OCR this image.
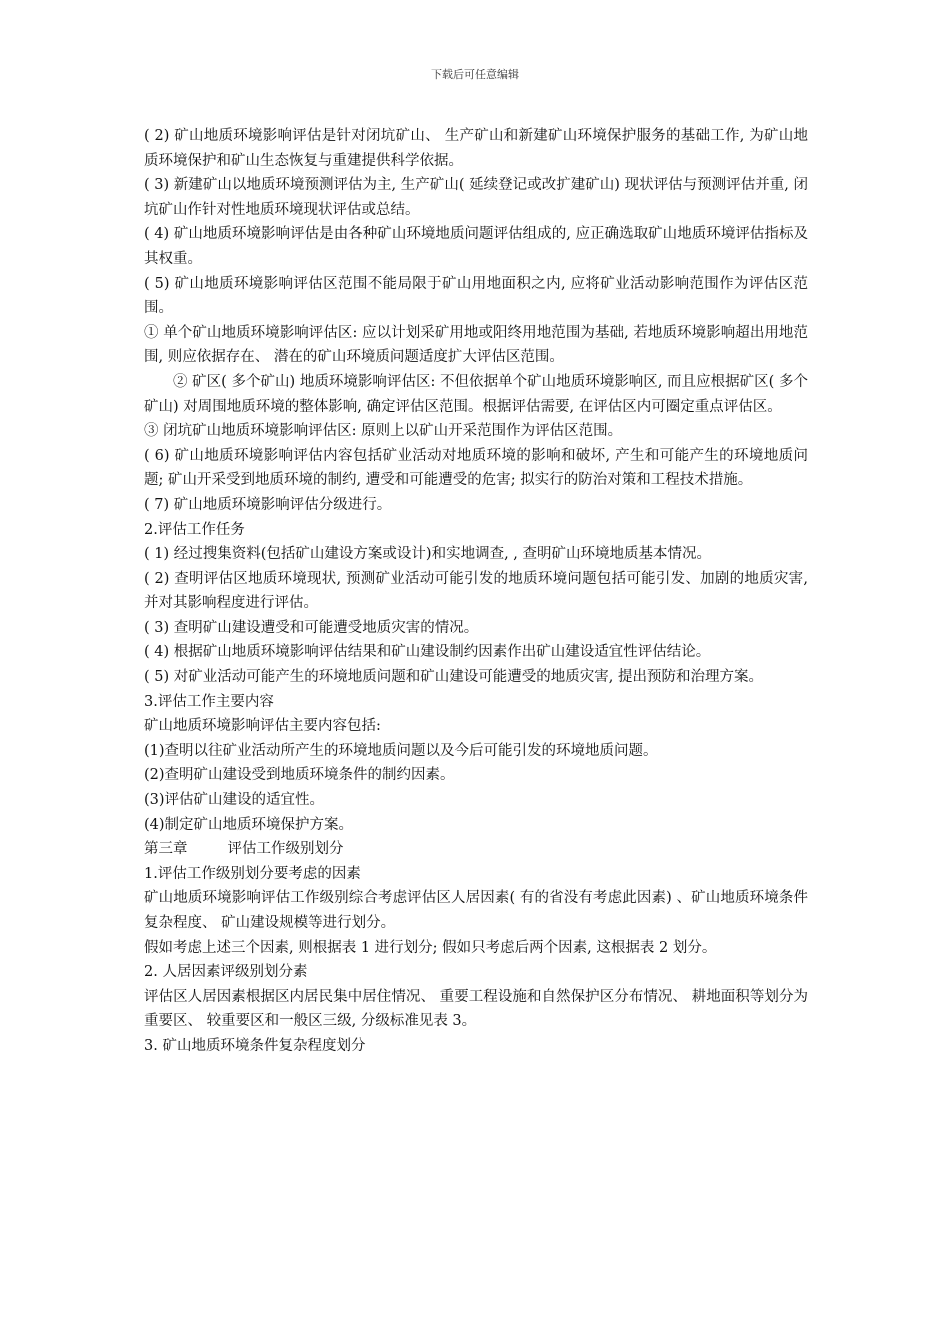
下载后可任意编辑

( 2) 矿山地质环境影响评估是针对闭坑矿山、 生产矿山和新建矿山环境保护服务的基础工作, 为矿山地质环境保护和矿山生态恢复与重建提供科学依据。

( 3) 新建矿山以地质环境预测评估为主, 生产矿山( 延续登记或改扩建矿山) 现状评估与预测评估并重, 闭坑矿山作针对性地质环境现状评估或总结。

( 4) 矿山地质环境影响评估是由各种矿山环境地质问题评估组成的, 应正确选取矿山地质环境评估指标及其权重。

( 5) 矿山地质环境影响评估区范围不能局限于矿山用地面积之内, 应将矿业活动影响范围作为评估区范围。

① 单个矿山地质环境影响评估区: 应以计划采矿用地或阳终用地范围为基础, 若地质环境影响超出用地范围, 则应依据存在、 潜在的矿山环境质问题适度扩大评估区范围。

② 矿区( 多个矿山) 地质环境影响评估区: 不但依据单个矿山地质环境影响区, 而且应根据矿区( 多个矿山) 对周围地质环境的整体影响, 确定评估区范围。根据评估需要, 在评估区内可圈定重点评估区。

③ 闭坑矿山地质环境影响评估区: 原则上以矿山开采范围作为评估区范围。

( 6) 矿山地质环境影响评估内容包括矿业活动对地质环境的影响和破坏, 产生和可能产生的环境地质问题; 矿山开采受到地质环境的制约, 遭受和可能遭受的危害; 拟实行的防治对策和工程技术措施。

( 7) 矿山地质环境影响评估分级进行。

2.评估工作任务

( 1) 经过搜集资料(包括矿山建设方案或设计)和实地调查, , 查明矿山环境地质基本情况。

( 2) 查明评估区地质环境现状, 预测矿业活动可能引发的地质环境问题包括可能引发、加剧的地质灾害, 并对其影响程度进行评估。

( 3) 查明矿山建设遭受和可能遭受地质灾害的情况。

( 4) 根据矿山地质环境影响评估结果和矿山建设制约因素作出矿山建设适宜性评估结论。

( 5) 对矿业活动可能产生的环境地质问题和矿山建设可能遭受的地质灾害, 提出预防和治理方案。

3.评估工作主要内容

矿山地质环境影响评估主要内容包括:

(1)查明以往矿业活动所产生的环境地质问题以及今后可能引发的环境地质问题。

(2)查明矿山建设受到地质环境条件的制约因素。

(3)评估矿山建设的适宜性。

(4)制定矿山地质环境保护方案。

第三章	评估工作级别划分

1.评估工作级别划分要考虑的因素

矿山地质环境影响评估工作级别综合考虑评估区人居因素( 有的省没有考虑此因素) 、矿山地质环境条件复杂程度、 矿山建设规模等进行划分。

假如考虑上述三个因素, 则根据表 1 进行划分; 假如只考虑后两个因素, 这根据表 2 划分。

2. 人居因素评级别划分素

评估区人居因素根据区内居民集中居住情况、 重要工程设施和自然保护区分布情况、 耕地面积等划分为重要区、 较重要区和一般区三级, 分级标准见表 3。

3. 矿山地质环境条件复杂程度划分
